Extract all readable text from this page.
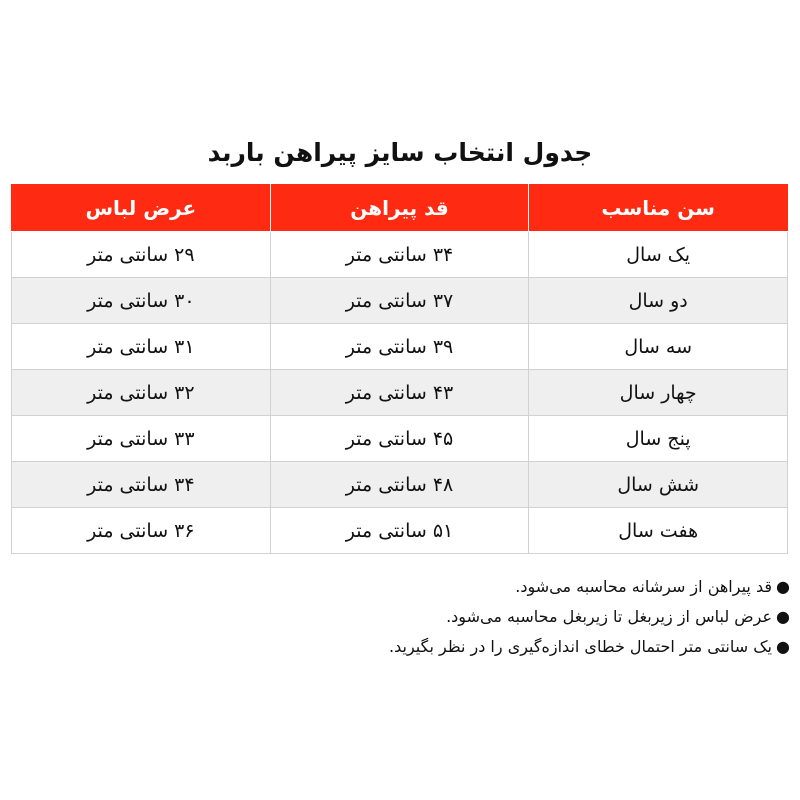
جدول انتخاب سایز پیراهن باربد
سن مناسب	قد پیراهن	عرض لباس
یک سال	۳۴ سانتی متر	۲۹ سانتی متر
دو سال	۳۷ سانتی متر	۳۰ سانتی متر
سه سال	۳۹ سانتی متر	۳۱ سانتی متر
چهار سال	۴۳ سانتی متر	۳۲ سانتی متر
پنج سال	۴۵ سانتی متر	۳۳ سانتی متر
شش سال	۴۸ سانتی متر	۳۴ سانتی متر
هفت سال	۵۱ سانتی متر	۳۶ سانتی متر
●
قد پیراهن از سرشانه محاسبه می‌شود.
●
عرض لباس از زیربغل تا زیربغل محاسبه می‌شود.
●
یک سانتی متر احتمال خطای اندازه‌گیری را در نظر بگیرید.
